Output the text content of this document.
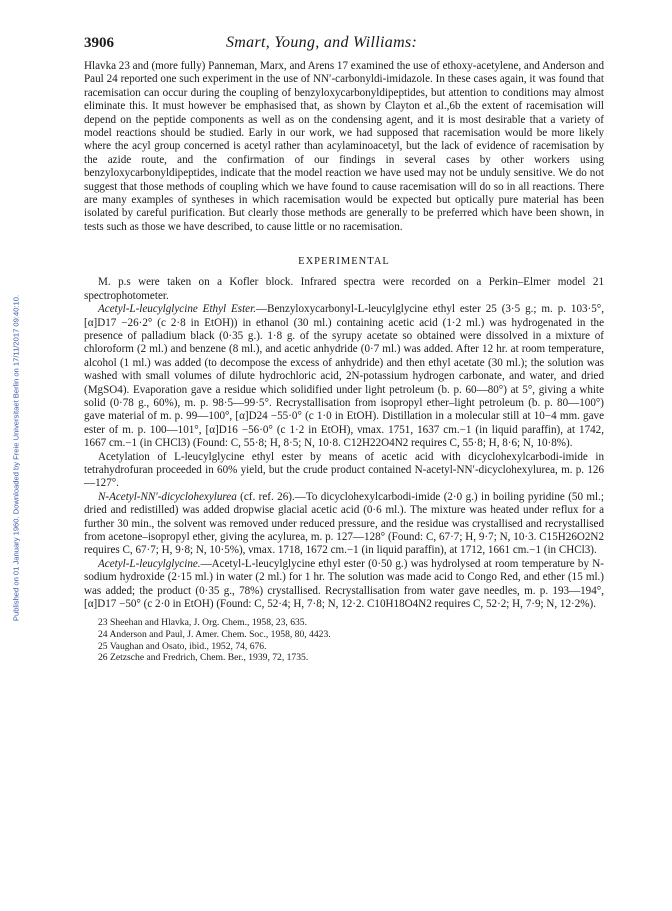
Published on 01 January 1960. Downloaded by Freie Universitaet Berlin on 17/11/2017 09:40:10.
3906	Smart, Young, and Williams:

Hlavka 23 and (more fully) Panneman, Marx, and Arens 17 examined the use of ethoxy-acetylene, and Anderson and Paul 24 reported one such experiment in the use of NN′-carbonyldi-imidazole. In these cases again, it was found that racemisation can occur during the coupling of benzyloxycarbonyldipeptides, but attention to conditions may almost eliminate this. It must however be emphasised that, as shown by Clayton et al.,6b the extent of racemisation will depend on the peptide components as well as on the condensing agent, and it is most desirable that a variety of model reactions should be studied. Early in our work, we had supposed that racemisation would be more likely where the acyl group concerned is acetyl rather than acylaminoacetyl, but the lack of evidence of racemisation by the azide route, and the confirmation of our findings in several cases by other workers using benzyloxycarbonyldipeptides, indicate that the model reaction we have used may not be unduly sensitive. We do not suggest that those methods of coupling which we have found to cause racemisation will do so in all reactions. There are many examples of syntheses in which racemisation would be expected but optically pure material has been isolated by careful purification. But clearly those methods are generally to be preferred which have been shown, in tests such as those we have described, to cause little or no racemisation.

EXPERIMENTAL

M. p.s were taken on a Kofler block. Infrared spectra were recorded on a Perkin–Elmer model 21 spectrophotometer.

Acetyl-L-leucylglycine Ethyl Ester.—Benzyloxycarbonyl-L-leucylglycine ethyl ester 25 (3·5 g.; m. p. 103·5°, [α]D17 −26·2° (c 2·8 in EtOH)) in ethanol (30 ml.) containing acetic acid (1·2 ml.) was hydrogenated in the presence of palladium black (0·35 g.). 1·8 g. of the syrupy acetate so obtained were dissolved in a mixture of chloroform (2 ml.) and benzene (8 ml.), and acetic anhydride (0·7 ml.) was added. After 12 hr. at room temperature, alcohol (1 ml.) was added (to decompose the excess of anhydride) and then ethyl acetate (30 ml.); the solution was washed with small volumes of dilute hydrochloric acid, 2N-potassium hydrogen carbonate, and water, and dried (MgSO4). Evaporation gave a residue which solidified under light petroleum (b. p. 60—80°) at 5°, giving a white solid (0·78 g., 60%), m. p. 98·5—99·5°. Recrystallisation from isopropyl ether–light petroleum (b. p. 80—100°) gave material of m. p. 99—100°, [α]D24 −55·0° (c 1·0 in EtOH). Distillation in a molecular still at 10−4 mm. gave ester of m. p. 100—101°, [α]D16 −56·0° (c 1·2 in EtOH), νmax. 1751, 1637 cm.−1 (in liquid paraffin), at 1742, 1667 cm.−1 (in CHCl3) (Found: C, 55·8; H, 8·5; N, 10·8. C12H22O4N2 requires C, 55·8; H, 8·6; N, 10·8%).

Acetylation of L-leucylglycine ethyl ester by means of acetic acid with dicyclohexylcarbodi-imide in tetrahydrofuran proceeded in 60% yield, but the crude product contained N-acetyl-NN′-dicyclohexylurea, m. p. 126—127°.

N-Acetyl-NN′-dicyclohexylurea (cf. ref. 26).—To dicyclohexylcarbodi-imide (2·0 g.) in boiling pyridine (50 ml.; dried and redistilled) was added dropwise glacial acetic acid (0·6 ml.). The mixture was heated under reflux for a further 30 min., the solvent was removed under reduced pressure, and the residue was crystallised and recrystallised from acetone–isopropyl ether, giving the acylurea, m. p. 127—128° (Found: C, 67·7; H, 9·7; N, 10·3. C15H26O2N2 requires C, 67·7; H, 9·8; N, 10·5%), νmax. 1718, 1672 cm.−1 (in liquid paraffin), at 1712, 1661 cm.−1 (in CHCl3).

Acetyl-L-leucylglycine.—Acetyl-L-leucylglycine ethyl ester (0·50 g.) was hydrolysed at room temperature by N-sodium hydroxide (2·15 ml.) in water (2 ml.) for 1 hr. The solution was made acid to Congo Red, and ether (15 ml.) was added; the product (0·35 g., 78%) crystallised. Recrystallisation from water gave needles, m. p. 193—194°, [α]D17 −50° (c 2·0 in EtOH) (Found: C, 52·4; H, 7·8; N, 12·2. C10H18O4N2 requires C, 52·2; H, 7·9; N, 12·2%).

23 Sheehan and Hlavka, J. Org. Chem., 1958, 23, 635.
24 Anderson and Paul, J. Amer. Chem. Soc., 1958, 80, 4423.
25 Vaughan and Osato, ibid., 1952, 74, 676.
26 Zetzsche and Fredrich, Chem. Ber., 1939, 72, 1735.
